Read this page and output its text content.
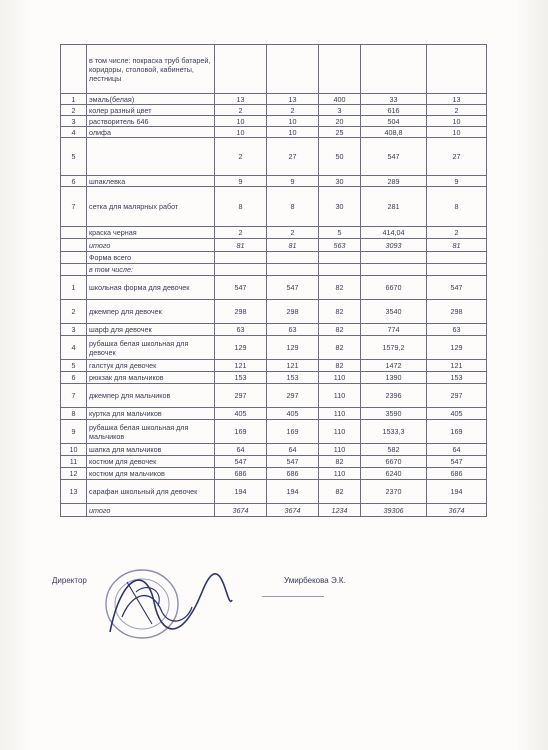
	в том числе: покраска труб батарей, коридоры, столовой, кабинеты, лестницы					
1	эмаль(белая)	13	13	400	33	13
2	колер разный цвет	2	2	3	616	2
3	растворитель 646	10	10	20	504	10
4	олифа	10	10	25	408,8	10
5		2	27	50	547	27
6	шпаклевка	9	9	30	289	9
7	сетка для малярных работ	8	8	30	281	8
	краска черная	2	2	5	414,04	2
	итого	81	81	563	3093	81
	Форма всего					
	в том числе:					
1	школьная форма для девочек	547	547	82	6670	547
2	джемпер для девочек	298	298	82	3540	298
3	шарф для девочек	63	63	82	774	63
4	рубашка белая школьная для девочек	129	129	82	1579,2	129
5	галстук для девочек	121	121	82	1472	121
6	рюкзак для мальчиков	153	153	110	1390	153
7	джемпер для мальчиков	297	297	110	2396	297
8	куртка для мальчиков	405	405	110	3590	405
9	рубашка белая школьная для мальчиков	169	169	110	1533,3	169
10	шапка для мальчиков	64	64	110	582	64
11	костюм для девочек	547	547	82	6670	547
12	костюм для мальчиков	686	686	110	6240	686
13	сарафан школьный для девочек	194	194	82	2370	194
	итого	3674	3674	1234	39306	3674
Директор	Умирбекова Э.К.
